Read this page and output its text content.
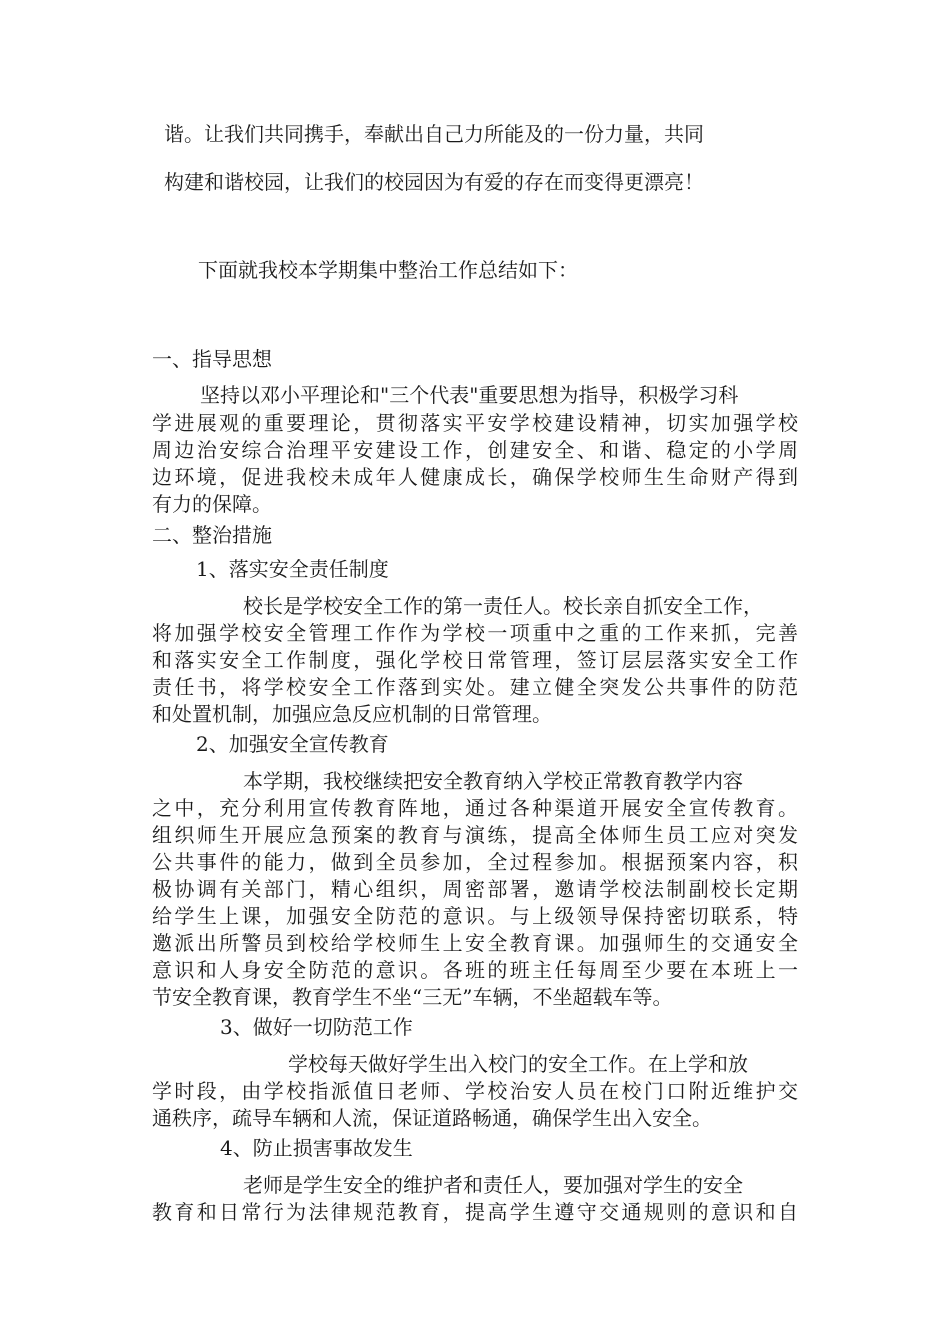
谐。让我们共同携手，奉献出自己力所能及的一份力量，共同

构建和谐校园，让我们的校园因为有爱的存在而变得更漂亮！

下面就我校本学期集中整治工作总结如下：

一、指导思想

坚持以邓小平理论和"三个代表"重要思想为指导，积极学习科

学进展观的重要理论，贯彻落实平安学校建设精神，切实加强学校

周边治安综合治理平安建设工作，创建安全、和谐、稳定的小学周

边环境，促进我校未成年人健康成长，确保学校师生生命财产得到

有力的保障。

二、整治措施

1、落实安全责任制度

校长是学校安全工作的第一责任人。校长亲自抓安全工作，

将加强学校安全管理工作作为学校一项重中之重的工作来抓，完善

和落实安全工作制度，强化学校日常管理，签订层层落实安全工作

责任书，将学校安全工作落到实处。建立健全突发公共事件的防范

和处置机制，加强应急反应机制的日常管理。

2、加强安全宣传教育

本学期，我校继续把安全教育纳入学校正常教育教学内容

之中，充分利用宣传教育阵地，通过各种渠道开展安全宣传教育。

组织师生开展应急预案的教育与演练，提高全体师生员工应对突发

公共事件的能力，做到全员参加，全过程参加。根据预案内容，积

极协调有关部门，精心组织，周密部署，邀请学校法制副校长定期

给学生上课，加强安全防范的意识。与上级领导保持密切联系，特

邀派出所警员到校给学校师生上安全教育课。加强师生的交通安全

意识和人身安全防范的意识。各班的班主任每周至少要在本班上一

节安全教育课，教育学生不坐“三无”车辆，不坐超载车等。

3、做好一切防范工作

学校每天做好学生出入校门的安全工作。在上学和放

学时段，由学校指派值日老师、学校治安人员在校门口附近维护交

通秩序，疏导车辆和人流，保证道路畅通，确保学生出入安全。

4、防止损害事故发生

老师是学生安全的维护者和责任人，要加强对学生的安全

教育和日常行为法律规范教育，提高学生遵守交通规则的意识和自
